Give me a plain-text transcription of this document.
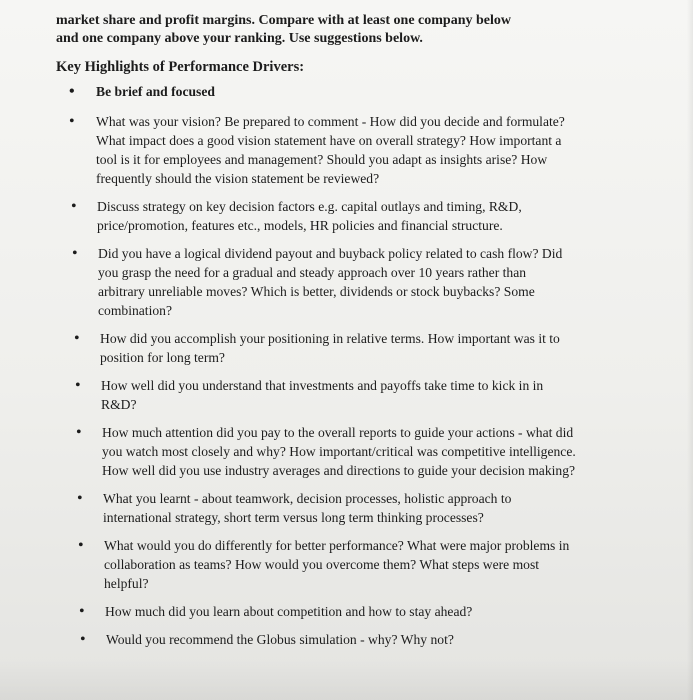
market share and profit margins. Compare with at least one company below
and one company above your ranking. Use suggestions below.

Key Highlights of Performance Drivers:

• Be brief and focused
• What was your vision? Be prepared to comment - How did you decide and formulate? What impact does a good vision statement have on overall strategy? How important a tool is it for employees and management? Should you adapt as insights arise? How frequently should the vision statement be reviewed?
• Discuss strategy on key decision factors e.g. capital outlays and timing, R&D, price/promotion, features etc., models, HR policies and financial structure.
• Did you have a logical dividend payout and buyback policy related to cash flow? Did you grasp the need for a gradual and steady approach over 10 years rather than arbitrary unreliable moves? Which is better, dividends or stock buybacks? Some combination?
• How did you accomplish your positioning in relative terms. How important was it to position for long term?
• How well did you understand that investments and payoffs take time to kick in in R&D?
• How much attention did you pay to the overall reports to guide your actions - what did you watch most closely and why? How important/critical was competitive intelligence. How well did you use industry averages and directions to guide your decision making?
• What you learnt - about teamwork, decision processes, holistic approach to international strategy, short term versus long term thinking processes?
• What would you do differently for better performance? What were major problems in collaboration as teams? How would you overcome them? What steps were most helpful?
• How much did you learn about competition and how to stay ahead?
• Would you recommend the Globus simulation - why? Why not?
